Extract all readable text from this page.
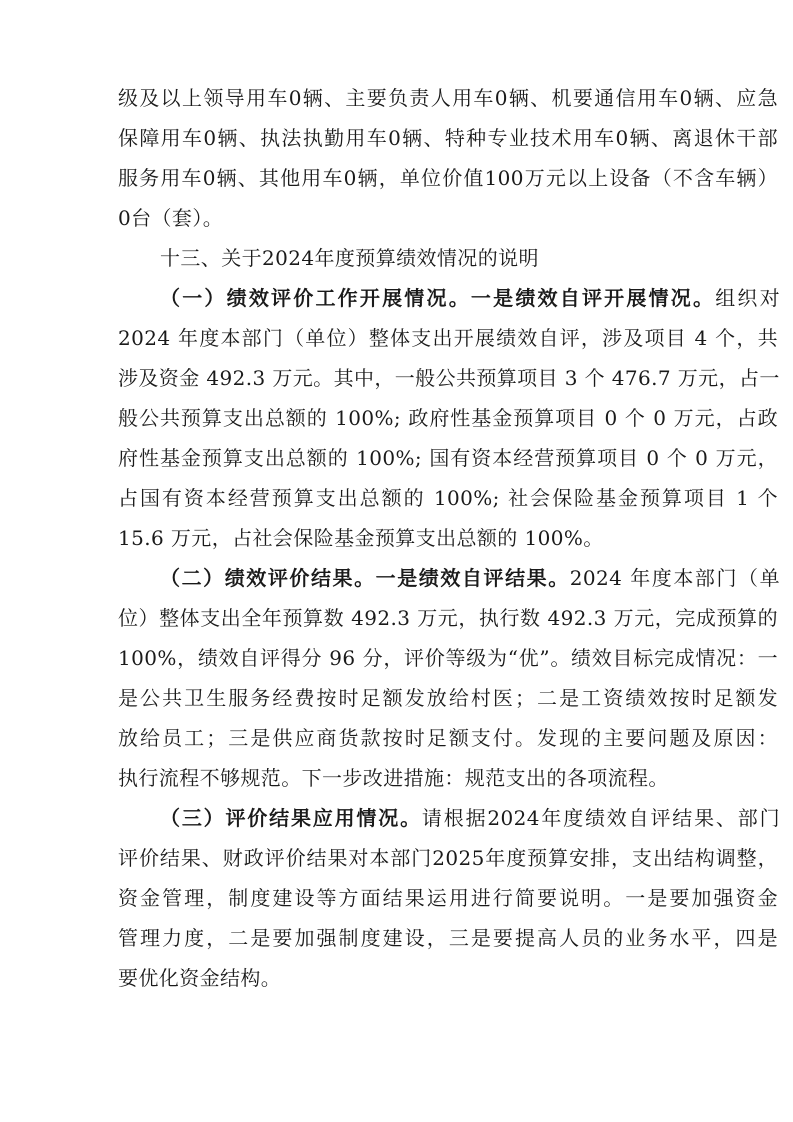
级及以上领导用车0辆、主要负责人用车0辆、机要通信用车0辆、应急
保障用车0辆、执法执勤用车0辆、特种专业技术用车0辆、离退休干部
服务用车0辆、其他用车0辆，单位价值100万元以上设备（不含车辆）
0台（套）。
十三、关于2024年度预算绩效情况的说明
（一）绩效评价工作开展情况。一是绩效自评开展情况。组织对
2024 年度本部门（单位）整体支出开展绩效自评，涉及项目 4 个，共
涉及资金 492.3 万元。其中，一般公共预算项目 3 个 476.7 万元，占一
般公共预算支出总额的 100%; 政府性基金预算项目 0 个 0 万元，占政
府性基金预算支出总额的 100%; 国有资本经营预算项目 0 个 0 万元，
占国有资本经营预算支出总额的 100%; 社会保险基金预算项目 1 个
15.6 万元，占社会保险基金预算支出总额的 100%。
（二）绩效评价结果。一是绩效自评结果。2024 年度本部门（单
位）整体支出全年预算数 492.3 万元，执行数 492.3 万元，完成预算的
100%，绩效自评得分 96 分，评价等级为“优”。绩效目标完成情况：一
是公共卫生服务经费按时足额发放给村医；二是工资绩效按时足额发
放给员工；三是供应商货款按时足额支付。发现的主要问题及原因：
执行流程不够规范。下一步改进措施：规范支出的各项流程。
（三）评价结果应用情况。请根据2024年度绩效自评结果、部门
评价结果、财政评价结果对本部门2025年度预算安排，支出结构调整，
资金管理，制度建设等方面结果运用进行简要说明。一是要加强资金
管理力度，二是要加强制度建设，三是要提高人员的业务水平，四是
要优化资金结构。
